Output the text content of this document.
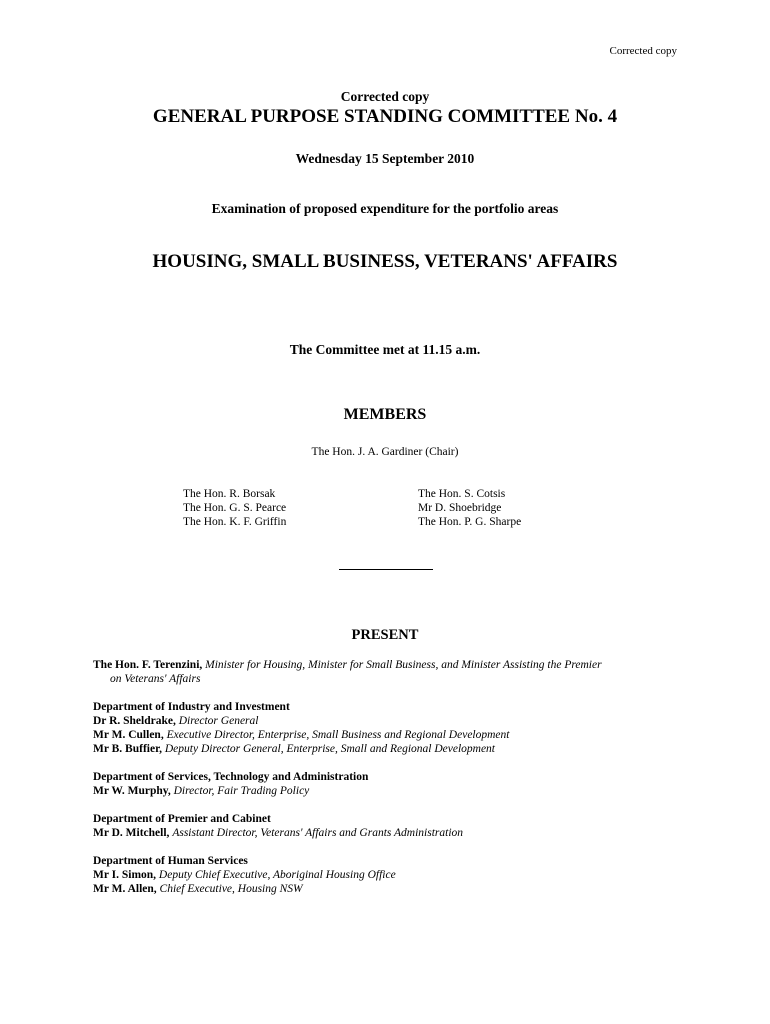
Corrected copy
Corrected copy
GENERAL PURPOSE STANDING COMMITTEE No. 4
Wednesday 15 September 2010
Examination of proposed expenditure for the portfolio areas
HOUSING, SMALL BUSINESS, VETERANS' AFFAIRS
The Committee met at 11.15 a.m.
MEMBERS
The Hon. J. A. Gardiner (Chair)
The Hon. R. Borsak
The Hon. G. S. Pearce
The Hon. K. F. Griffin
The Hon. S. Cotsis
Mr D. Shoebridge
The Hon. P. G. Sharpe
PRESENT
The Hon. F. Terenzini, Minister for Housing, Minister for Small Business, and Minister Assisting the Premier
on Veterans' Affairs
Department of Industry and Investment
Dr R. Sheldrake, Director General
Mr M. Cullen, Executive Director, Enterprise, Small Business and Regional Development
Mr B. Buffier, Deputy Director General, Enterprise, Small and Regional Development
Department of Services, Technology and Administration
Mr W. Murphy, Director, Fair Trading Policy
Department of Premier and Cabinet
Mr D. Mitchell, Assistant Director, Veterans' Affairs and Grants Administration
Department of Human Services
Mr I. Simon, Deputy Chief Executive, Aboriginal Housing Office
Mr M. Allen, Chief Executive, Housing NSW
